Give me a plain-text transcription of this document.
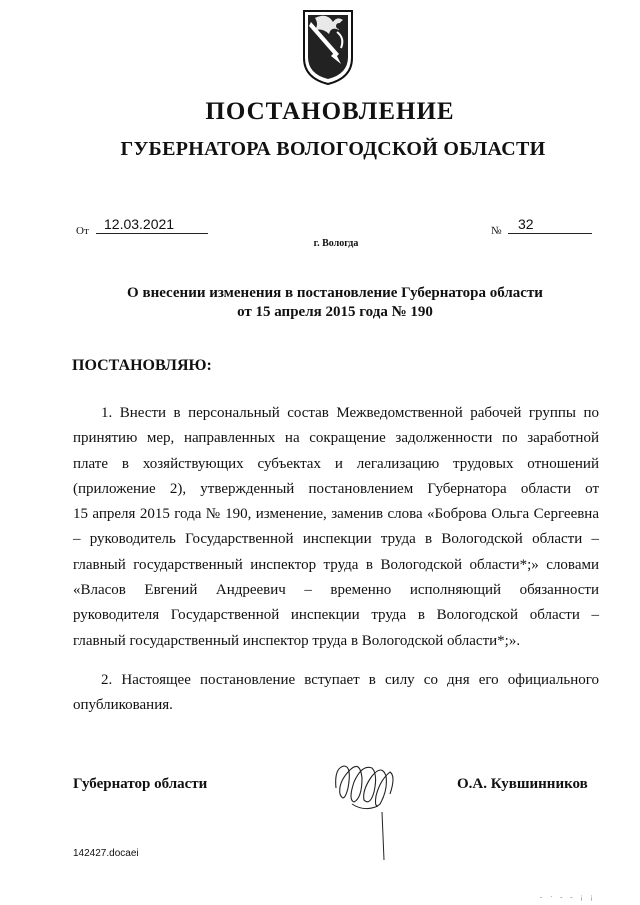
ПОСТАНОВЛЕНИЕ
ГУБЕРНАТОРА ВОЛОГОДСКОЙ ОБЛАСТИ
От	12.03.2021	№	32
г. Вологда
О внесении изменения в постановление Губернатора области
от 15 апреля 2015 года № 190
ПОСТАНОВЛЯЮ:
1. Внести в персональный состав Межведомственной рабочей группы по
принятию мер, направленных на сокращение задолженности по заработной
плате в хозяйствующих субъектах и легализацию трудовых отношений
(приложение 2), утвержденный постановлением Губернатора области от
15 апреля 2015 года № 190, изменение, заменив слова «Боброва Ольга Сергеевна
– руководитель Государственной инспекции труда в Вологодской области –
главный государственный инспектор труда в Вологодской области*;» словами
«Власов Евгений Андреевич – временно исполняющий обязанности
руководителя Государственной инспекции труда в Вологодской области –
главный государственный инспектор труда в Вологодской области*;».
2. Настоящее постановление вступает в силу со дня его официального
опубликования.
Губернатор области	О.А. Кувшинников
142427.docaei
‐ · ‐ ‐ ¡ ¡
